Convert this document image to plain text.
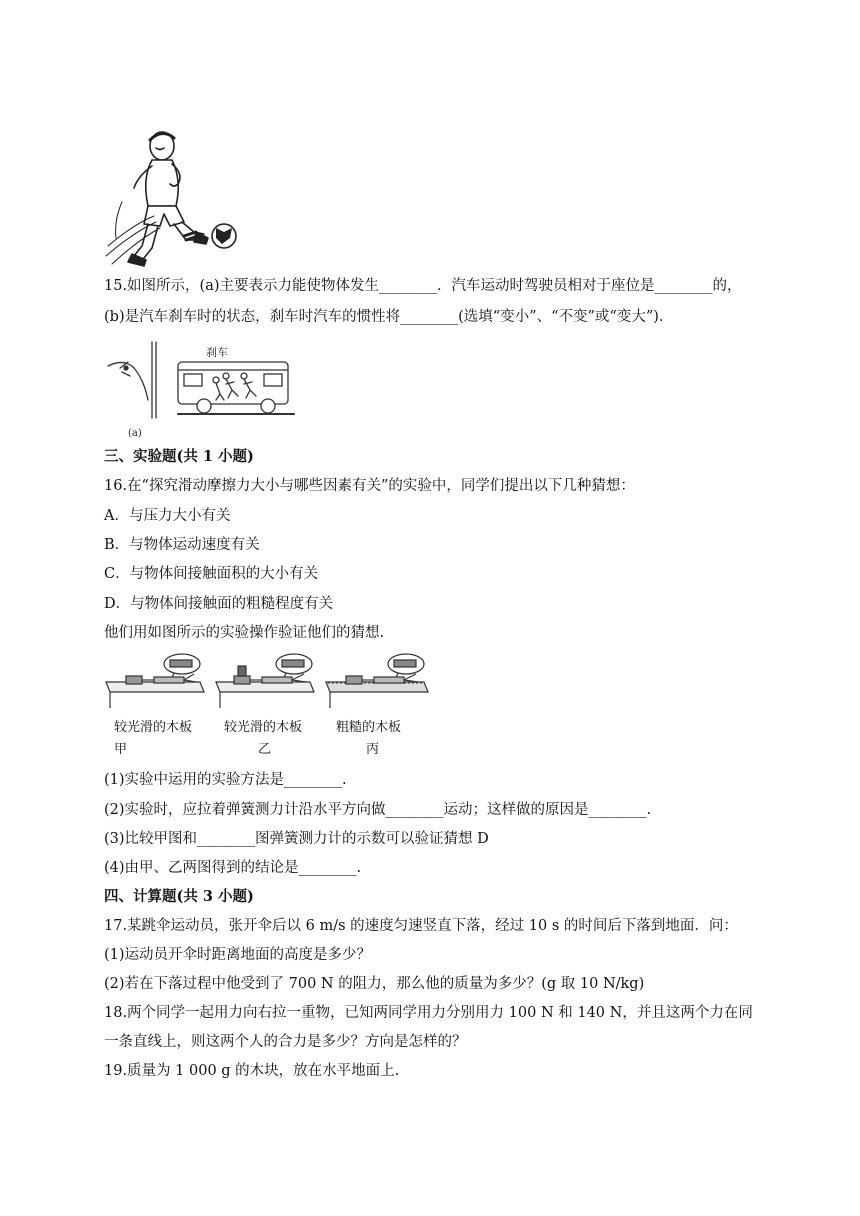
15.如图所示，(a)主要表示力能使物体发生________．汽车运动时驾驶员相对于座位是________的，
(b)是汽车刹车时的状态，刹车时汽车的惯性将________(选填“变小”、“不变”或“变大”)．
刹车
(a)
三、实验题(共 1 小题)
16.在“探究滑动摩擦力大小与哪些因素有关”的实验中，同学们提出以下几种猜想：
A．与压力大小有关
B．与物体运动速度有关
C．与物体间接触面积的大小有关
D．与物体间接触面的粗糙程度有关
他们用如图所示的实验操作验证他们的猜想.
较光滑的木板
甲
较光滑的木板
乙
粗糙的木板
丙
(1)实验中运用的实验方法是________.
(2)实验时，应拉着弹簧测力计沿水平方向做________运动；这样做的原因是________.
(3)比较甲图和________图弹簧测力计的示数可以验证猜想 D
(4)由甲、乙两图得到的结论是________.
四、计算题(共 3 小题)
17.某跳伞运动员，张开伞后以 6 m/s 的速度匀速竖直下落，经过 10 s 的时间后下落到地面．问：
(1)运动员开伞时距离地面的高度是多少？
(2)若在下落过程中他受到了 700 N 的阻力，那么他的质量为多少？(g 取 10 N/kg)
18.两个同学一起用力向右拉一重物，已知两同学用力分别用力 100 N 和 140 N，并且这两个力在同
一条直线上，则这两个人的合力是多少？方向是怎样的？
19.质量为 1 000 g 的木块，放在水平地面上.
